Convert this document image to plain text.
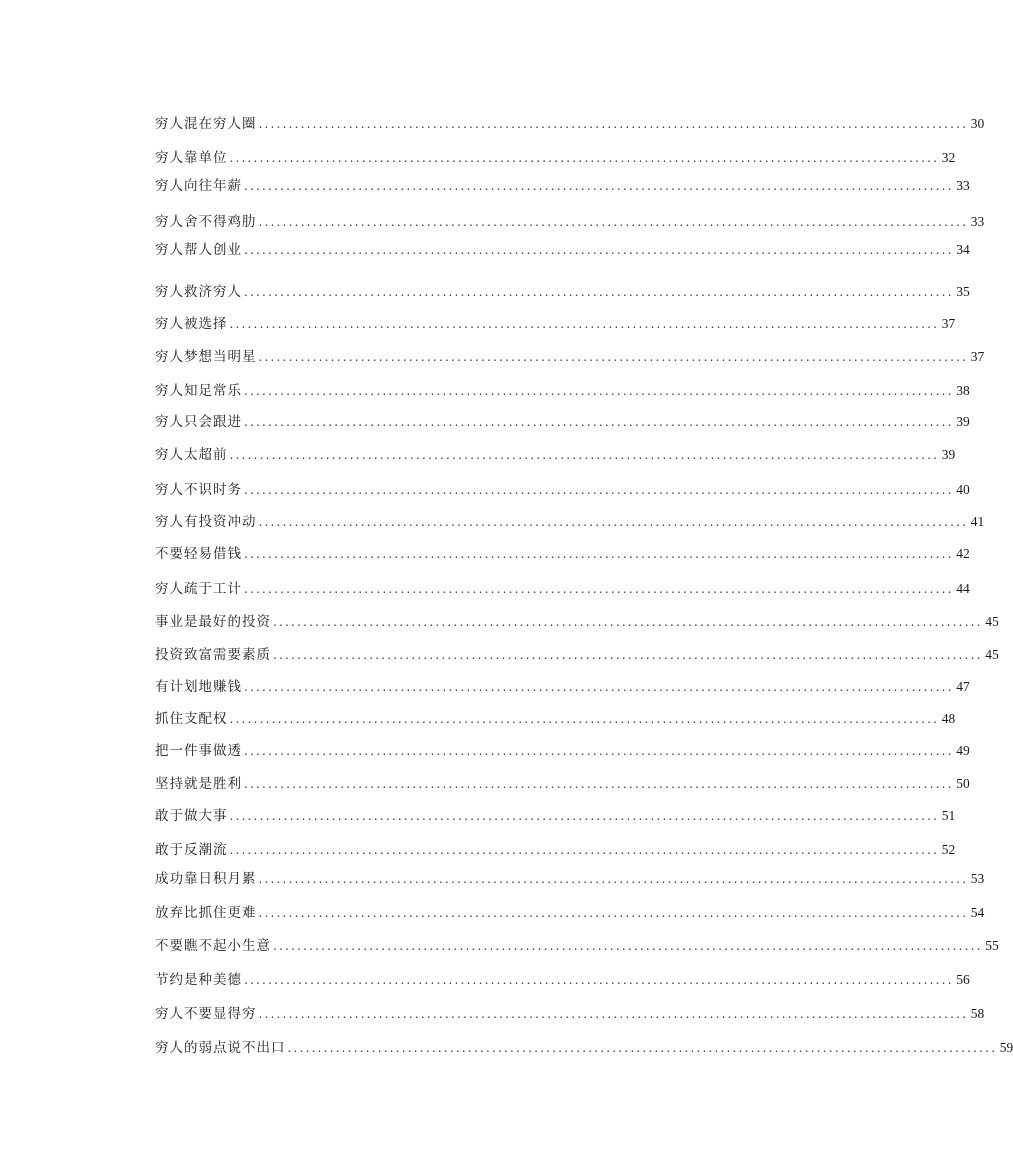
穷人混在穷人圈 ...................................................................................................................... 30
穷人靠单位 ...................................................................................................................... 32
穷人向往年薪 ...................................................................................................................... 33
穷人舍不得鸡肋 ...................................................................................................................... 33
穷人帮人创业 ...................................................................................................................... 34
穷人救济穷人 ...................................................................................................................... 35
穷人被选择 ...................................................................................................................... 37
穷人梦想当明星 ...................................................................................................................... 37
穷人知足常乐 ...................................................................................................................... 38
穷人只会跟进 ...................................................................................................................... 39
穷人太超前 ...................................................................................................................... 39
穷人不识时务 ...................................................................................................................... 40
穷人有投资冲动 ...................................................................................................................... 41
不要轻易借钱 ...................................................................................................................... 42
穷人疏于工计 ...................................................................................................................... 44
事业是最好的投资 ...................................................................................................................... 45
投资致富需要素质 ...................................................................................................................... 45
有计划地赚钱 ...................................................................................................................... 47
抓住支配权 ...................................................................................................................... 48
把一件事做透 ...................................................................................................................... 49
坚持就是胜利 ...................................................................................................................... 50
敢于做大事 ...................................................................................................................... 51
敢于反潮流 ...................................................................................................................... 52
成功靠日积月累 ...................................................................................................................... 53
放弃比抓住更难 ...................................................................................................................... 54
不要瞧不起小生意 ...................................................................................................................... 55
节约是种美德 ...................................................................................................................... 56
穷人不要显得穷 ...................................................................................................................... 58
穷人的弱点说不出口 ...................................................................................................................... 59
